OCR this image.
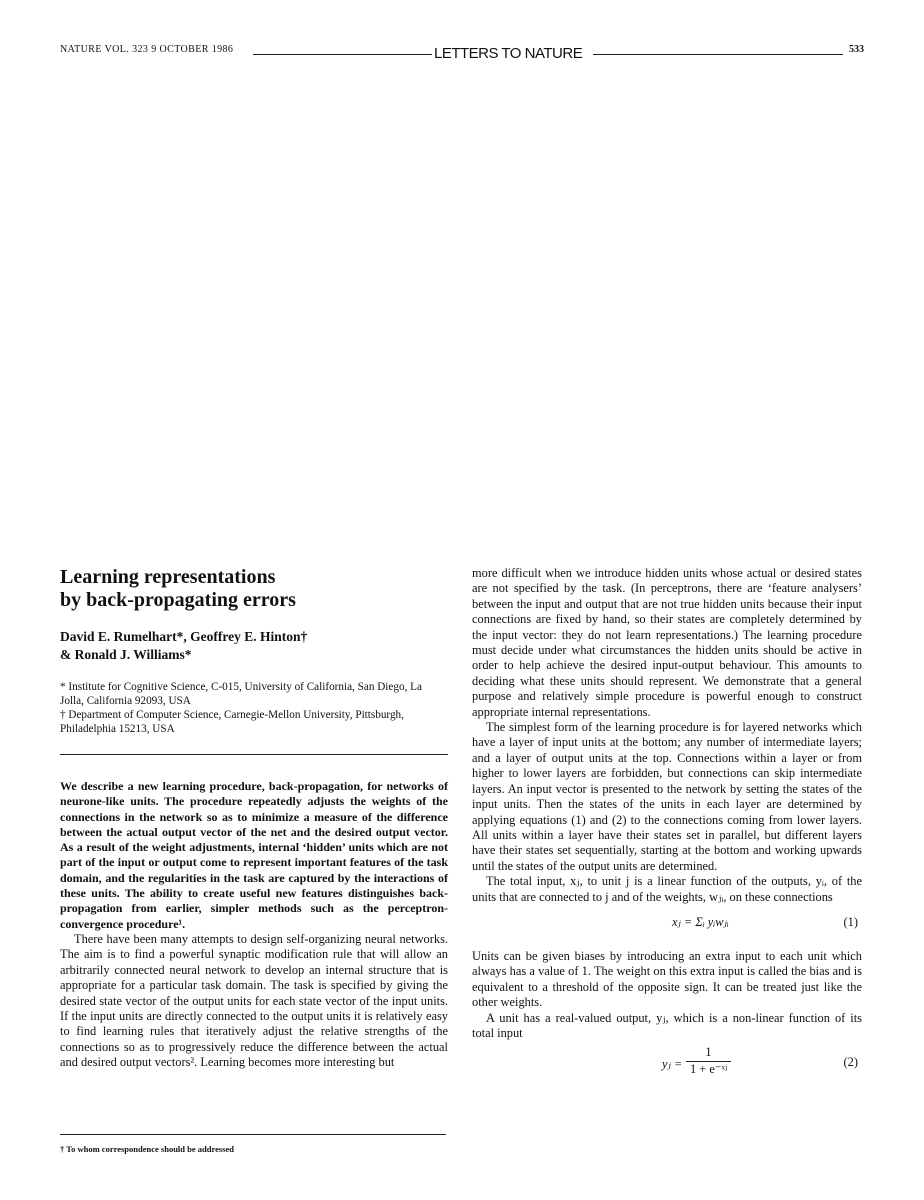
NATURE VOL. 323 9 OCTOBER 1986	LETTERS TO NATURE	533
Learning representations
by back-propagating errors
David E. Rumelhart*, Geoffrey E. Hinton†
& Ronald J. Williams*
* Institute for Cognitive Science, C-015, University of California, San Diego, La Jolla, California 92093, USA
† Department of Computer Science, Carnegie-Mellon University, Pittsburgh, Philadelphia 15213, USA
We describe a new learning procedure, back-propagation, for networks of neurone-like units. The procedure repeatedly adjusts the weights of the connections in the network so as to minimize a measure of the difference between the actual output vector of the net and the desired output vector. As a result of the weight adjustments, internal ‘hidden’ units which are not part of the input or output come to represent important features of the task domain, and the regularities in the task are captured by the interactions of these units. The ability to create useful new features distinguishes back-propagation from earlier, simpler methods such as the perceptron-convergence procedure¹.

There have been many attempts to design self-organizing neural networks. The aim is to find a powerful synaptic modification rule that will allow an arbitrarily connected neural network to develop an internal structure that is appropriate for a particular task domain. The task is specified by giving the desired state vector of the output units for each state vector of the input units. If the input units are directly connected to the output units it is relatively easy to find learning rules that iteratively adjust the relative strengths of the connections so as to progressively reduce the difference between the actual and desired output vectors². Learning becomes more interesting but

more difficult when we introduce hidden units whose actual or desired states are not specified by the task. (In perceptrons, there are ‘feature analysers’ between the input and output that are not true hidden units because their input connections are fixed by hand, so their states are completely determined by the input vector: they do not learn representations.) The learning procedure must decide under what circumstances the hidden units should be active in order to help achieve the desired input-output behaviour. This amounts to deciding what these units should represent. We demonstrate that a general purpose and relatively simple procedure is powerful enough to construct appropriate internal representations.

The simplest form of the learning procedure is for layered networks which have a layer of input units at the bottom; any number of intermediate layers; and a layer of output units at the top. Connections within a layer or from higher to lower layers are forbidden, but connections can skip intermediate layers. An input vector is presented to the network by setting the states of the input units. Then the states of the units in each layer are determined by applying equations (1) and (2) to the connections coming from lower layers. All units within a layer have their states set in parallel, but different layers have their states set sequentially, starting at the bottom and working upwards until the states of the output units are determined.

The total input, xⱼ, to unit j is a linear function of the outputs, yᵢ, of the units that are connected to j and of the weights, wⱼᵢ, on these connections

xⱼ = Σᵢ yᵢwⱼᵢ	(1)

Units can be given biases by introducing an extra input to each unit which always has a value of 1. The weight on this extra input is called the bias and is equivalent to a threshold of the opposite sign. It can be treated just like the other weights.

A unit has a real-valued output, yⱼ, which is a non-linear function of its total input

yⱼ = $\frac{1}{\text{1 + e⁻ˣʲ}}$	(2)
† To whom correspondence should be addressed
